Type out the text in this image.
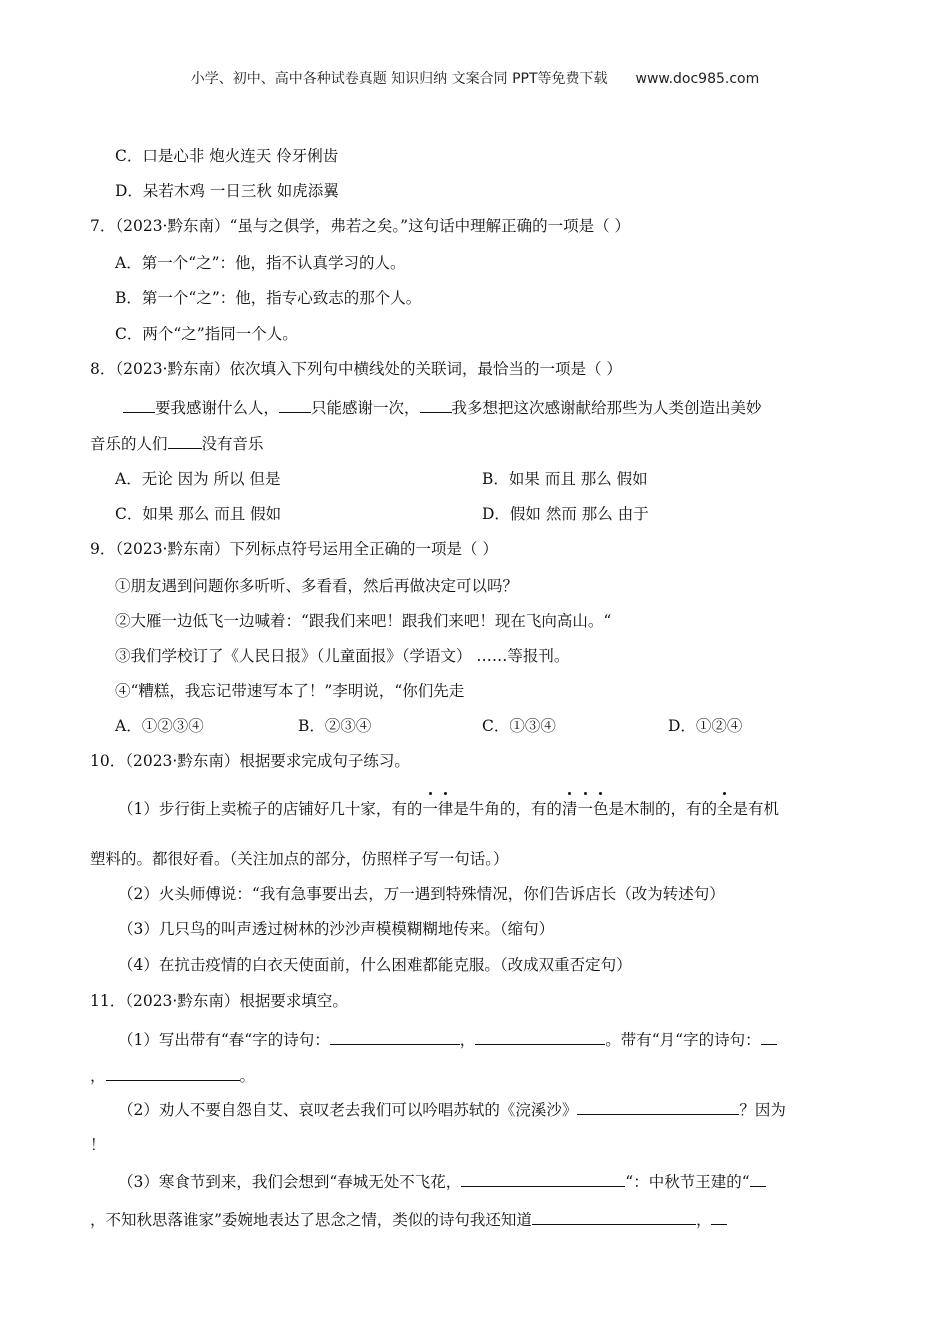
小学、初中、高中各种试卷真题 知识归纳 文案合同 PPT等免费下载 www.doc985.com
C．口是心非 炮火连天 伶牙俐齿
D．呆若木鸡 一日三秋 如虎添翼
7．（2023·黔东南）“虽与之俱学，弗若之矣。”这句话中理解正确的一项是（ ）
A．第一个“之”：他，指不认真学习的人。
B．第一个“之”：他，指专心致志的那个人。
C．两个“之”指同一个人。
8．（2023·黔东南）依次填入下列句中横线处的关联词，最恰当的一项是（ ）
要我感谢什么人， 只能感谢一次， 我多想把这次感谢献给那些为人类创造出美妙
音乐的人们 没有音乐
A．无论 因为 所以 但是	B．如果 而且 那么 假如
C．如果 那么 而且 假如	D．假如 然而 那么 由于
9．（2023·黔东南）下列标点符号运用全正确的一项是（ ）
①朋友遇到问题你多听听、多看看，然后再做决定可以吗？
②大雁一边低飞一边喊着：“跟我们来吧！跟我们来吧！现在飞向高山。“
③我们学校订了《人民日报》（儿童面报》（学语文） ……等报刊。
④“糟糕，我忘记带速写本了！”李明说，“你们先走
A．①②③④	B．②③④	C．①③④	D．①②④
10．（2023·黔东南）根据要求完成句子练习。
（1）步行街上卖梳子的店铺好几十家，有的一律是牛角的，有的清一色是木制的，有的全是有机
塑料的。都很好看。（关注加点的部分，仿照样子写一句话。）
（2）火头师傅说：“我有急事要出去，万一遇到特殊情况，你们告诉店长（改为转述句）
（3）几只鸟的叫声透过树林的沙沙声模模糊糊地传来。（缩句）
（4）在抗击疫情的白衣天使面前，什么困难都能克服。（改成双重否定句）
11．（2023·黔东南）根据要求填空。
（1）写出带有“春“字的诗句：	，	。带有“月“字的诗句：
，	。
（2）劝人不要自怨自艾、哀叹老去我们可以吟唱苏轼的《浣溪沙》	？因为
！
（3）寒食节到来，我们会想到“春城无处不飞花，	“：中秋节王建的“
，不知秋思落谁家”委婉地表达了思念之情，类似的诗句我还知道	，
